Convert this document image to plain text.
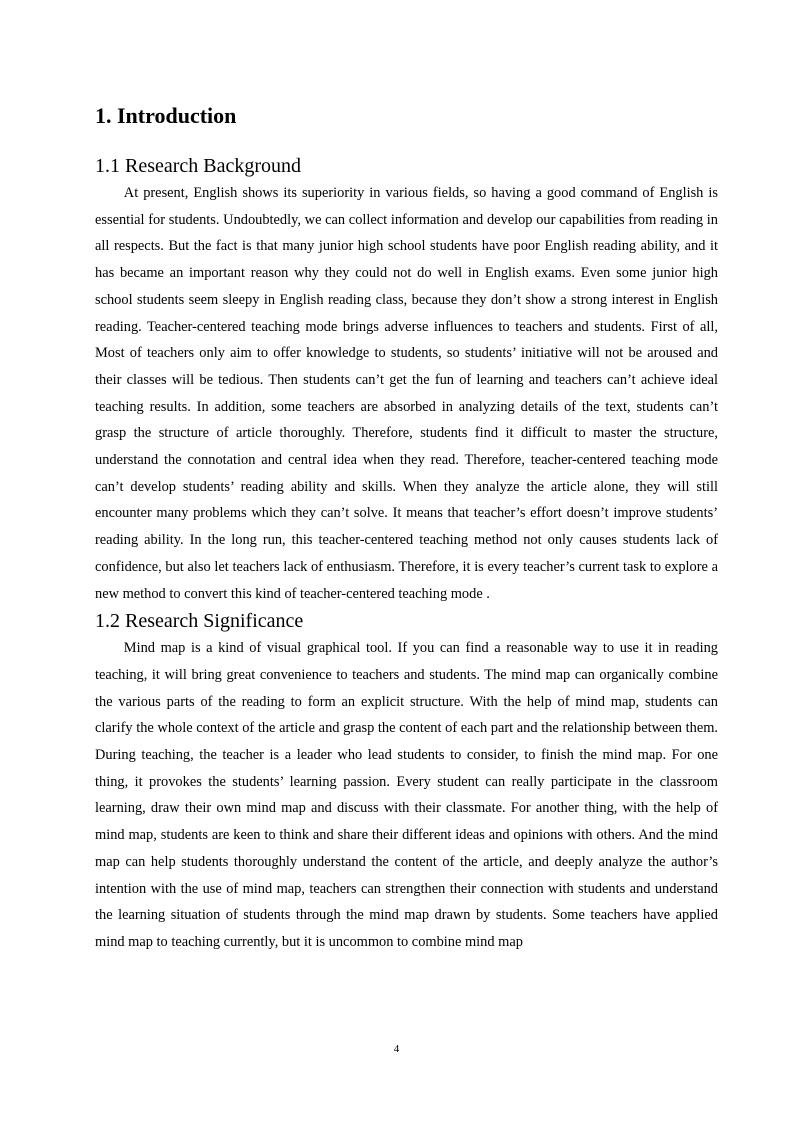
1. Introduction
1.1 Research Background

At present, English shows its superiority in various fields, so having a good command of English is essential for students. Undoubtedly, we can collect information and develop our capabilities from reading in all respects. But the fact is that many junior high school students have poor English reading ability, and it has became an important reason why they could not do well in English exams. Even some junior high school students seem sleepy in English reading class, because they don’t show a strong interest in English reading. Teacher-centered teaching mode brings adverse influences to teachers and students. First of all, Most of teachers only aim to offer knowledge to students, so students’ initiative will not be aroused and their classes will be tedious. Then students can’t get the fun of learning and teachers can’t achieve ideal teaching results. In addition, some teachers are absorbed in analyzing details of the text, students can’t grasp the structure of article thoroughly. Therefore, students find it difficult to master the structure, understand the connotation and central idea when they read. Therefore, teacher-centered teaching mode can’t develop students’ reading ability and skills. When they analyze the article alone, they will still encounter many problems which they can’t solve. It means that teacher’s effort doesn’t improve students’ reading ability. In the long run, this teacher-centered teaching method not only causes students lack of confidence, but also let teachers lack of enthusiasm. Therefore, it is every teacher’s current task to explore a new method to convert this kind of teacher-centered teaching mode .

1.2 Research Significance

Mind map is a kind of visual graphical tool. If you can find a reasonable way to use it in reading teaching, it will bring great convenience to teachers and students. The mind map can organically combine the various parts of the reading to form an explicit structure. With the help of mind map, students can clarify the whole context of the article and grasp the content of each part and the relationship between them. During teaching, the teacher is a leader who lead students to consider, to finish the mind map. For one thing, it provokes the students’ learning passion. Every student can really participate in the classroom learning, draw their own mind map and discuss with their classmate. For another thing, with the help of mind map, students are keen to think and share their different ideas and opinions with others. And the mind map can help students thoroughly understand the content of the article, and deeply analyze the author’s intention with the use of mind map, teachers can strengthen their connection with students and understand the learning situation of students through the mind map drawn by students. Some teachers have applied mind map to teaching currently, but it is uncommon to combine mind map

4
